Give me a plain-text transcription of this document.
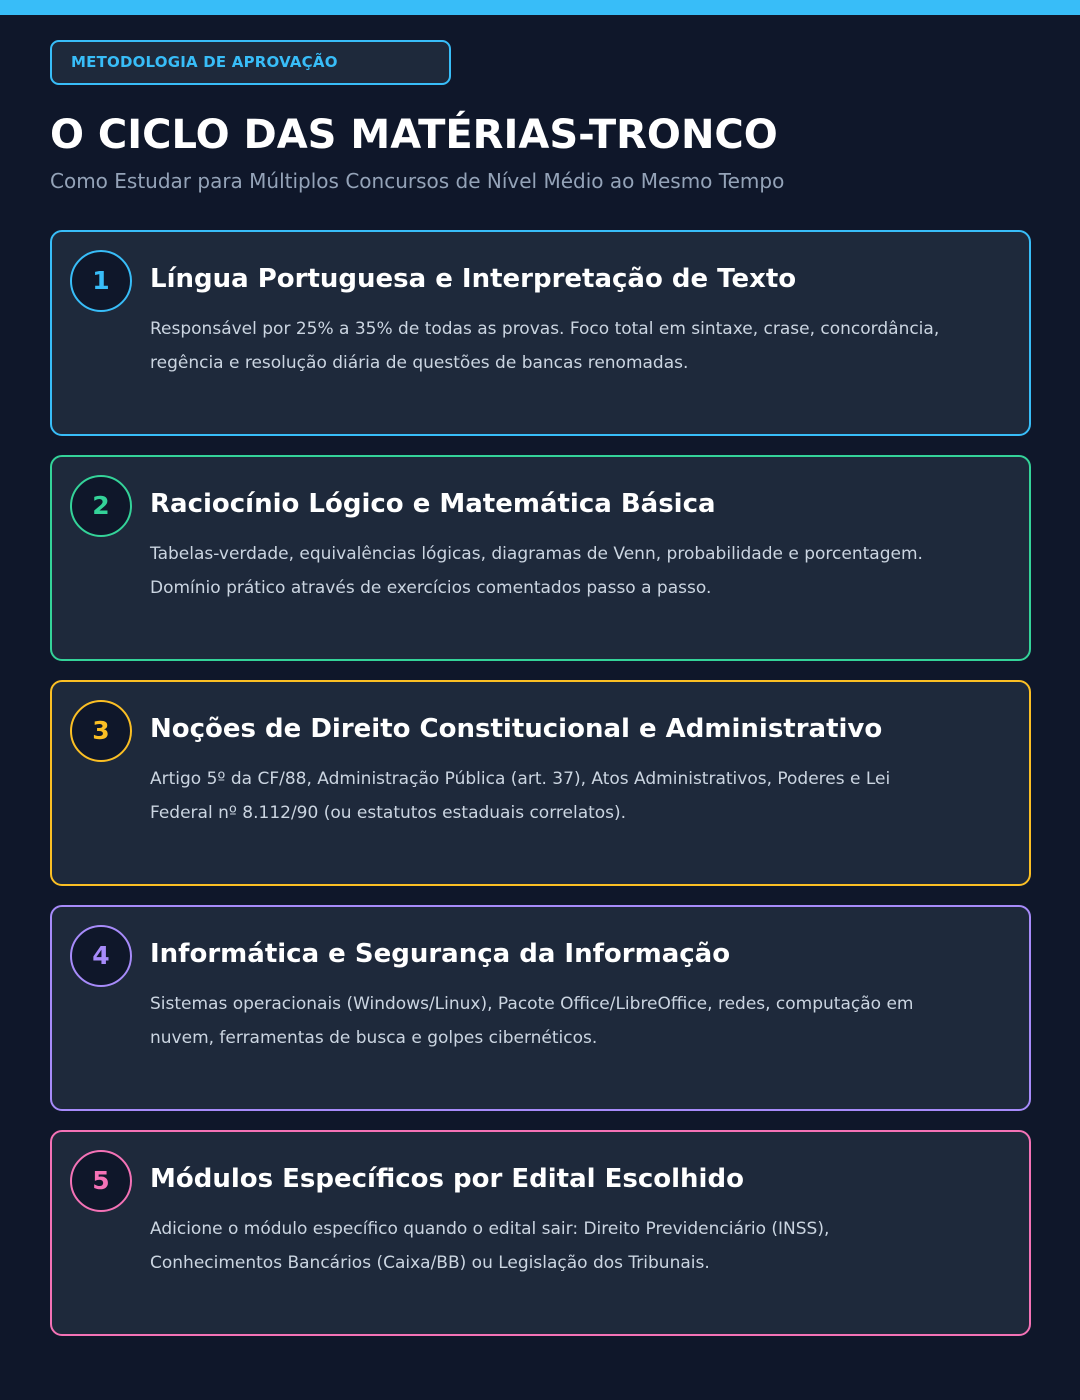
METODOLOGIA DE APROVAÇÃO
O CICLO DAS MATÉRIAS-TRONCO

Como Estudar para Múltiplos Concursos de Nível Médio ao Mesmo Tempo

1	Língua Portuguesa e Interpretação de Texto

Responsável por 25% a 35% de todas as provas. Foco total em sintaxe, crase, concordância, regência e resolução diária de questões de bancas renomadas.

2	Raciocínio Lógico e Matemática Básica

Tabelas-verdade, equivalências lógicas, diagramas de Venn, probabilidade e porcentagem. Domínio prático através de exercícios comentados passo a passo.

3	Noções de Direito Constitucional e Administrativo

Artigo 5º da CF/88, Administração Pública (art. 37), Atos Administrativos, Poderes e Lei Federal nº 8.112/90 (ou estatutos estaduais correlatos).

4	Informática e Segurança da Informação

Sistemas operacionais (Windows/Linux), Pacote Office/LibreOffice, redes, computação em nuvem, ferramentas de busca e golpes cibernéticos.

5	Módulos Específicos por Edital Escolhido

Adicione o módulo específico quando o edital sair: Direito Previdenciário (INSS), Conhecimentos Bancários (Caixa/BB) ou Legislação dos Tribunais.
